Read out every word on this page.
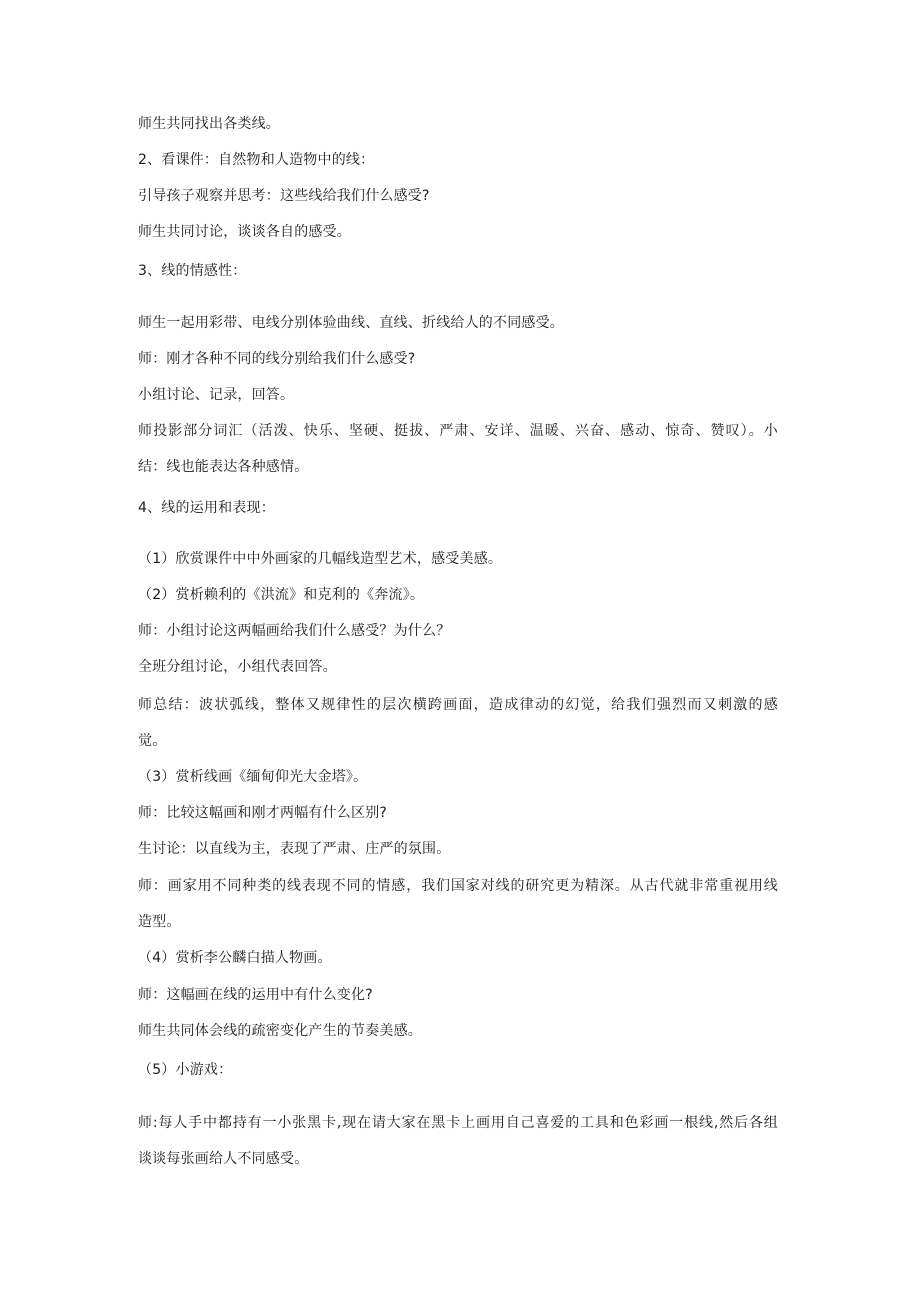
师生共同找出各类线。
2、看课件：自然物和人造物中的线：
引导孩子观察并思考：这些线给我们什么感受?
师生共同讨论，谈谈各自的感受。
3、线的情感性：
师生一起用彩带、电线分别体验曲线、直线、折线给人的不同感受。
师：刚才各种不同的线分别给我们什么感受?
小组讨论、记录，回答。
师投影部分词汇（活泼、快乐、坚硬、挺拔、严肃、安详、温暖、兴奋、感动、惊奇、赞叹）。小
结：线也能表达各种感情。
4、线的运用和表现：
（1）欣赏课件中中外画家的几幅线造型艺术，感受美感。
（2）赏析赖利的《洪流》和克利的《奔流》。
师：小组讨论这两幅画给我们什么感受？为什么？
全班分组讨论，小组代表回答。
师总结：波状弧线，整体又规律性的层次横跨画面，造成律动的幻觉，给我们强烈而又刺激的感
觉。
（3）赏析线画《缅甸仰光大金塔》。
师：比较这幅画和刚才两幅有什么区别?
生讨论：以直线为主，表现了严肃、庄严的氛围。
师：画家用不同种类的线表现不同的情感，我们国家对线的研究更为精深。从古代就非常重视用线
造型。
（4）赏析李公麟白描人物画。
师：这幅画在线的运用中有什么变化?
师生共同体会线的疏密变化产生的节奏美感。
（5）小游戏：
师:每人手中都持有一小张黑卡,现在请大家在黑卡上画用自己喜爱的工具和色彩画一根线,然后各组
谈谈每张画给人不同感受。
